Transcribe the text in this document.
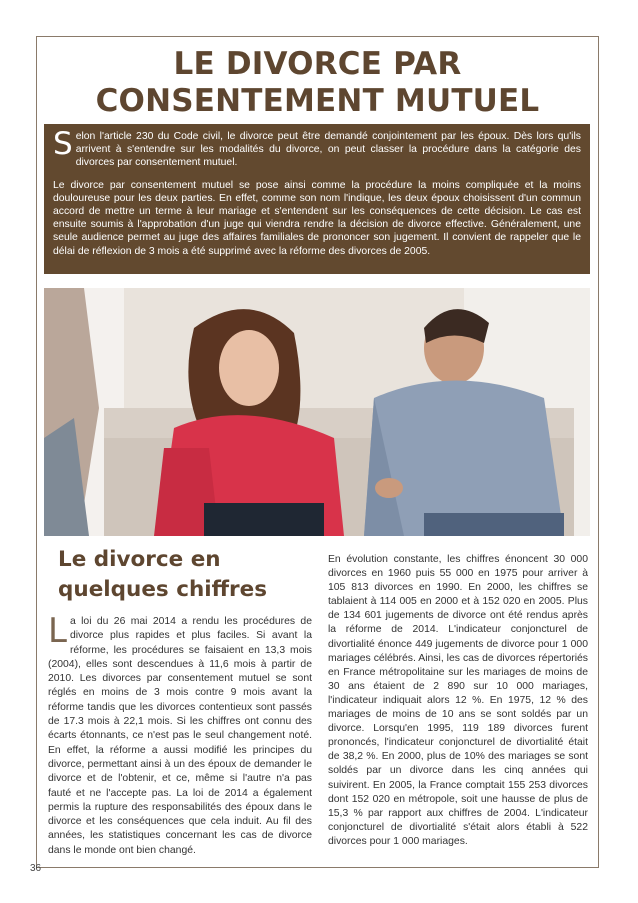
LE DIVORCE PAR
CONSENTEMENT MUTUEL

Selon l'article 230 du Code civil, le divorce peut être demandé conjointement par les époux. Dès lors qu'ils arrivent à s'entendre sur les modalités du divorce, on peut classer la procédure dans la catégorie des divorces par consentement mutuel.

Le divorce par consentement mutuel se pose ainsi comme la procédure la moins compliquée et la moins douloureuse pour les deux parties. En effet, comme son nom l'indique, les deux époux choisissent d'un commun accord de mettre un terme à leur mariage et s'entendent sur les conséquences de cette décision. Le cas est ensuite soumis à l'approbation d'un juge qui viendra rendre la décision de divorce effective. Généralement, une seule audience permet au juge des affaires familiales de prononcer son jugement. Il convient de rappeler que le délai de réflexion de 3 mois a été supprimé avec la réforme des divorces de 2005.

Le divorce en
quelques chiffres

La loi du 26 mai 2014 a rendu les procédures de divorce plus rapides et plus faciles. Si avant la réforme, les procédures se faisaient en 13,3 mois (2004), elles sont descendues à 11,6 mois à partir de 2010. Les divorces par consentement mutuel se sont réglés en moins de 3 mois contre 9 mois avant la réforme tandis que les divorces contentieux sont passés de 17.3 mois à 22,1 mois. Si les chiffres ont connu des écarts étonnants, ce n'est pas le seul changement noté. En effet, la réforme a aussi modifié les principes du divorce, permettant ainsi à un des époux de demander le divorce et de l'obtenir, et ce, même si l'autre n'a pas fauté et ne l'accepte pas. La loi de 2014 a également permis la rupture des responsabilités des époux dans le divorce et les conséquences que cela induit. Au fil des années, les statistiques concernant les cas de divorce dans le monde ont bien changé.

En évolution constante, les chiffres énoncent 30 000 divorces en 1960 puis 55 000 en 1975 pour arriver à 105 813 divorces en 1990. En 2000, les chiffres se tablaient à 114 005 en 2000 et à 152 020 en 2005. Plus de 134 601 jugements de divorce ont été rendus après la réforme de 2014. L'indicateur conjoncturel de divortialité énonce 449 jugements de divorce pour 1 000 mariages célébrés. Ainsi, les cas de divorces répertoriés en France métropolitaine sur les mariages de moins de 30 ans étaient de 2 890 sur 10 000 mariages, l'indicateur indiquait alors 12 %. En 1975, 12 % des mariages de moins de 10 ans se sont soldés par un divorce. Lorsqu'en 1995, 119 189 divorces furent prononcés, l'indicateur conjoncturel de divortialité était de 38,2 %. En 2000, plus de 10% des mariages se sont soldés par un divorce dans les cinq années qui suivirent. En 2005, la France comptait 155 253 divorces dont 152 020 en métropole, soit une hausse de plus de 15,3 % par rapport aux chiffres de 2004. L'indicateur conjoncturel de divortialité s'était alors établi à 522 divorces pour 1 000 mariages.

36
